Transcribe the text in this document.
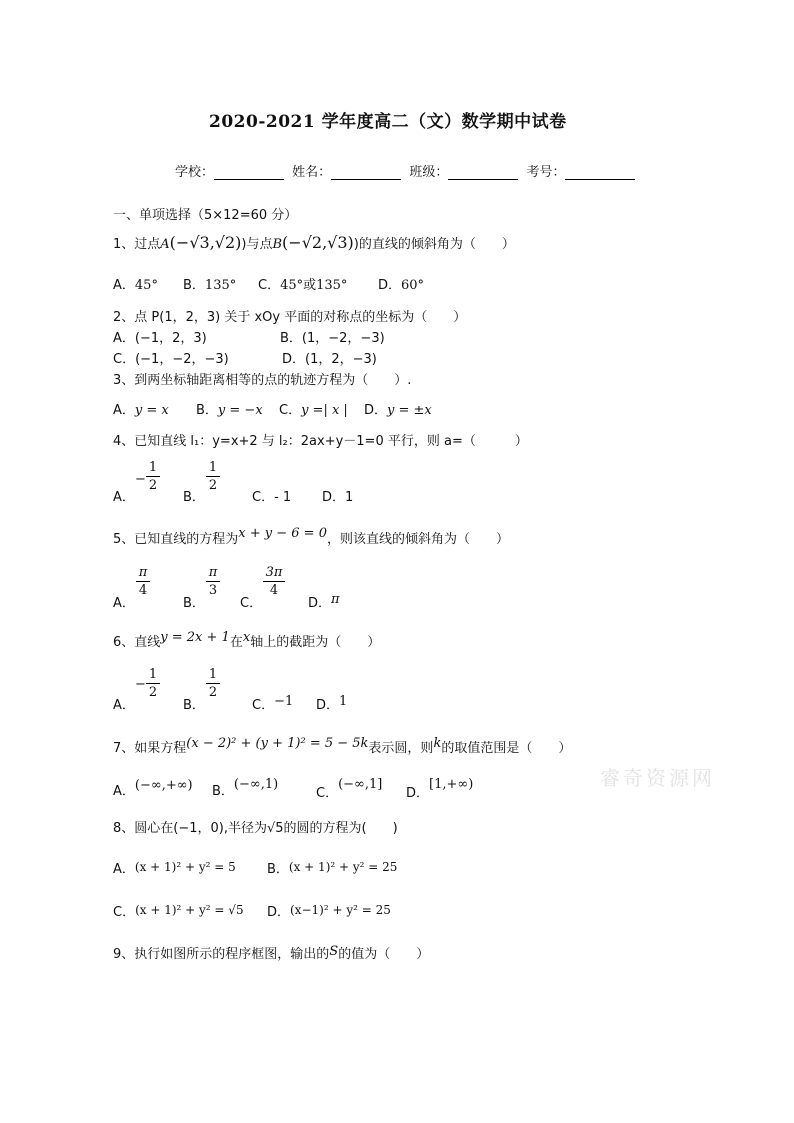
2020-2021 学年度高二（文）数学期中试卷
学校：	姓名：	班级：	考号：
一、单项选择（5×12=60 分）
1、过点A(−√3,√2))与点B(−√2,√3))的直线的倾斜角为（　　）
A．45° B．135° C．45°或135° D．60°
2、点 P(1，2，3) 关于 xOy 平面的对称点的坐标为（　　）
A．(−1，2，3)	B．(1，−2，−3)
C．(−1，−2，−3)	D．(1，2，−3)
3、到两坐标轴距离相等的点的轨迹方程为（　　）.
A．y = x B．y = −x C．y =| x | D．y = ±x
4、已知直线 l₁：y=x+2 与 l₂：2ax+y－1=0 平行，则 a=（　　　）
A．
−
1
2
B．
1
2
C．- 1 D．1
5、已知直线的方程为x + y − 6 = 0，则该直线的倾斜角为（　　）
A．
π
4
B．
π
3
C．
3π
4
D．π
6、直线y = 2x + 1在x轴上的截距为（　　）
A．
−
1
2
B．
1
2
C．−1 D．1
7、如果方程(x − 2)² + (y + 1)² = 5 − 5k表示圆，则k的取值范围是（　　）
A．(−∞,+∞) B．(−∞,1)
C．(−∞,1]
D．[1,+∞)	睿奇资源网
8、圆心在(−1，0),半径为√5的圆的方程为(　　)
A．(x + 1)² + y² = 5 B．(x + 1)² + y² = 25
C．(x + 1)² + y² = √5 D．(x−1)² + y² = 25
9、执行如图所示的程序框图，输出的S的值为（　　）
